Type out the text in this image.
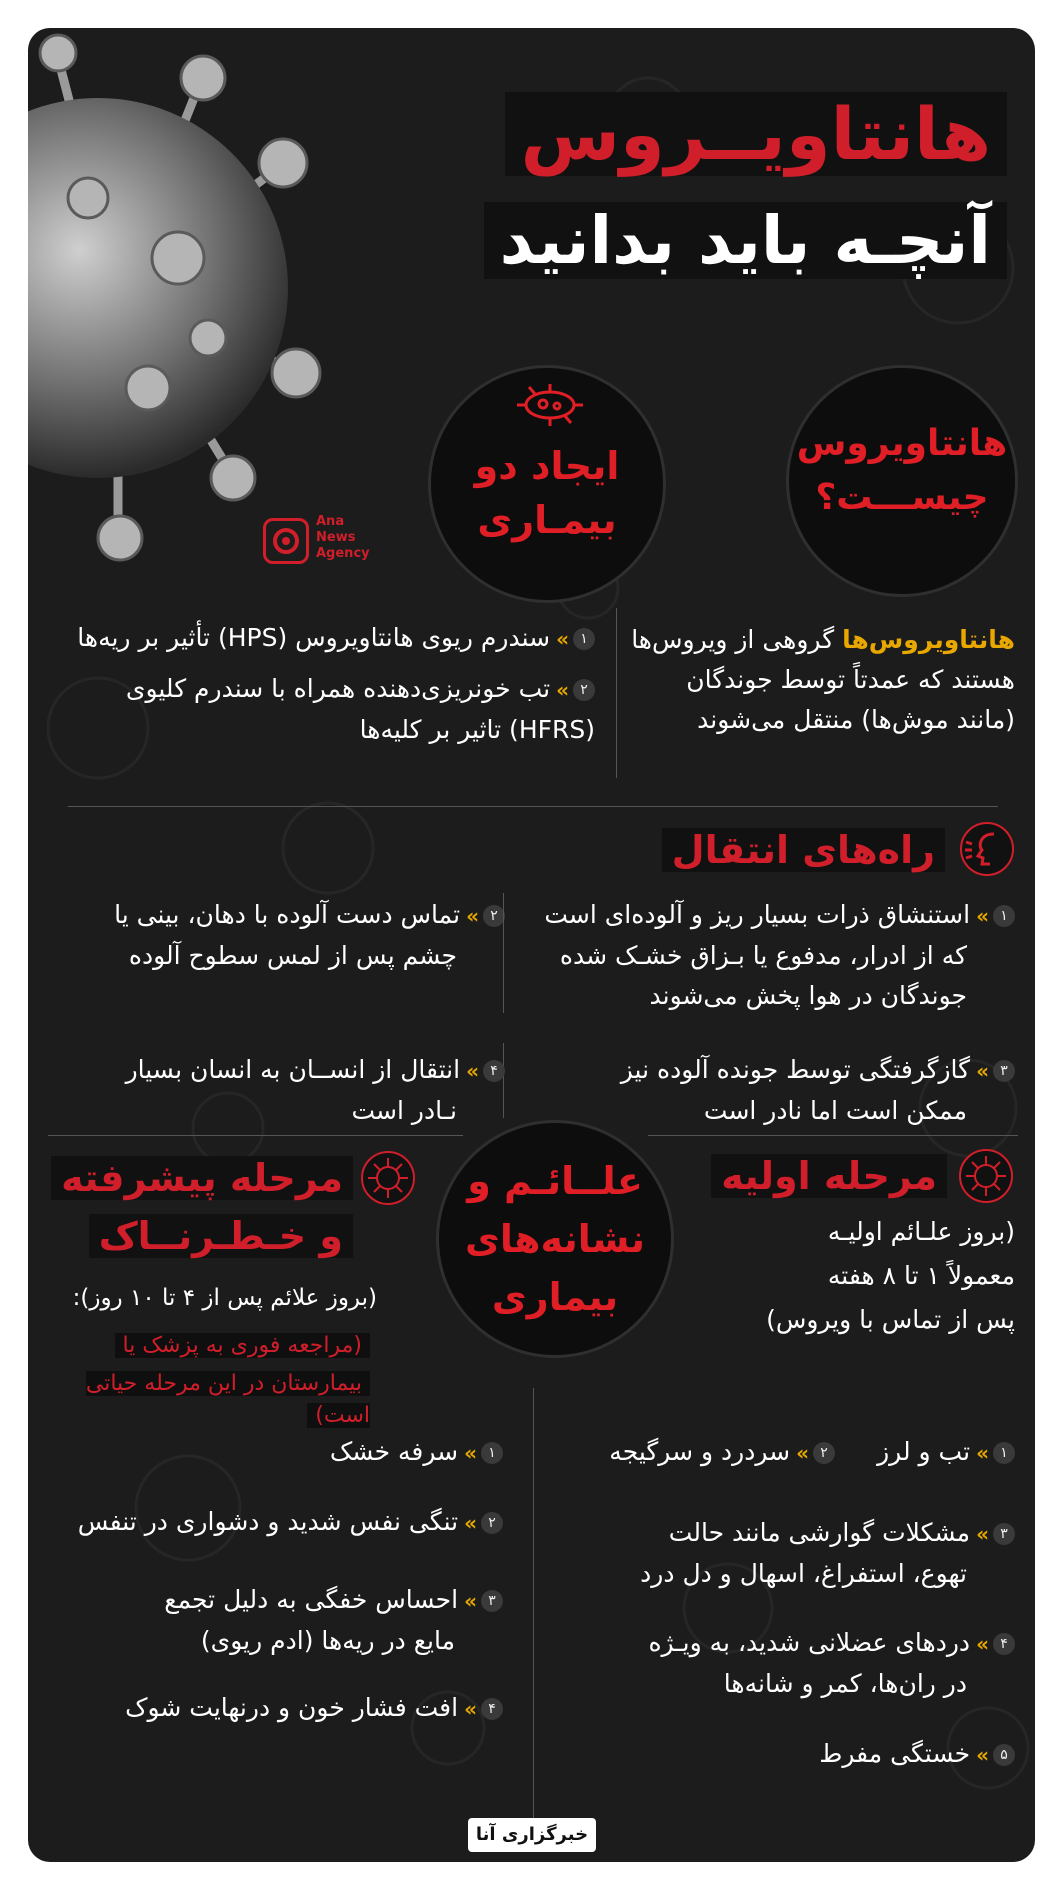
Ana
News
Agency
هانتاویــروس
آنچـه باید بدانید
هانتاویروس
چیســـت؟
ایجاد دو
بیمـاری
هانتاویروس‌ها گروهی از ویروس‌ها
هستند که عمدتاً توسط جوندگان
(مانند موش‌ها) منتقل می‌شوند
۱»سندرم ریوی هانتاویروس (HPS) تأثیر بر ریه‌ها
۲»تب خونریزی‌دهنده همراه با سندرم کلیوی
(HFRS) تاثیر بر کلیه‌ها
راه‌های انتقال
۱»استنشاق ذرات بسیار ریز و آلوده‌ای است
که از ادرار، مدفوع یا بـزاق خشـک شده
جوندگان در هوا پخش می‌شوند
۲»تماس دست آلوده با دهان، بینی یا
چشم پس از لمس سطوح آلوده
۳»گازگرفتگی توسط جونده آلوده نیز
ممکن است اما نادر است
۴»انتقال از انســان به انسان بسیار
نـادر است
علــائـم و
نشانه‌های
بیماری
مرحله اولیه
(بروز علـائم اولیـه
معمولاً ۱ تا ۸ هفته
پس از تماس با ویروس)
مرحله پیشرفته
و خـطـرنــاک
(بروز علائم پس از ۴ تا ۱۰ روز):
(مراجعه فوری به پزشک یا
بیمارستان در این مرحله حیاتی است)
۱»تب و لرز
۲»سردرد و سرگیجه
۳»مشکلات گوارشی مانند حالت
تهوع، استفراغ، اسهال و دل درد
۴»دردهای عضلانی شدید، به ویـژه
در ران‌ها، کمر و شانه‌ها
۵»خستگی مفرط
۱»سرفه خشک
۲»تنگی نفس شدید و دشواری در تنفس
۳»احساس خفگی به دلیل تجمع
مایع در ریه‌ها (ادم ریوی)
۴»افت فشار خون و درنهایت شوک
خبرگزاری آنا
